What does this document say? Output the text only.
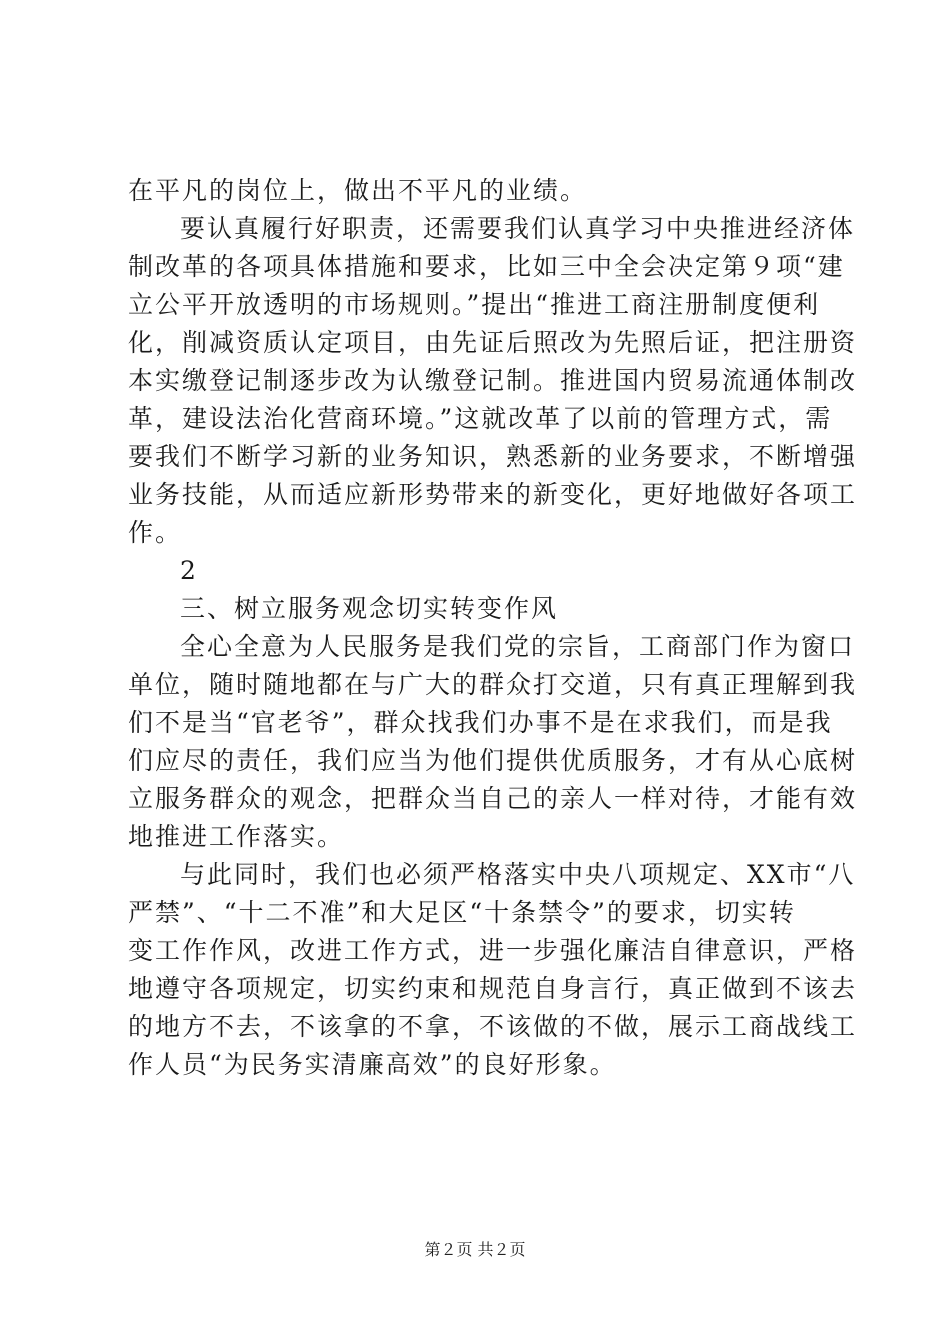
在平凡的岗位上，做出不平凡的业绩。
要认真履行好职责，还需要我们认真学习中央推进经济体
制改革的各项具体措施和要求，比如三中全会决定第９项“建
立公平开放透明的市场规则。”提出“推进工商注册制度便利
化，削减资质认定项目，由先证后照改为先照后证，把注册资
本实缴登记制逐步改为认缴登记制。推进国内贸易流通体制改
革，建设法治化营商环境。”这就改革了以前的管理方式，需
要我们不断学习新的业务知识，熟悉新的业务要求，不断增强
业务技能，从而适应新形势带来的新变化，更好地做好各项工
作。
2
三、树立服务观念切实转变作风
全心全意为人民服务是我们党的宗旨，工商部门作为窗口
单位，随时随地都在与广大的群众打交道，只有真正理解到我
们不是当“官老爷”，群众找我们办事不是在求我们，而是我
们应尽的责任，我们应当为他们提供优质服务，才有从心底树
立服务群众的观念，把群众当自己的亲人一样对待，才能有效
地推进工作落实。
与此同时，我们也必须严格落实中央八项规定、XX市“八
严禁”、“十二不准”和大足区“十条禁令”的要求，切实转
变工作作风，改进工作方式，进一步强化廉洁自律意识，严格
地遵守各项规定，切实约束和规范自身言行，真正做到不该去
的地方不去，不该拿的不拿，不该做的不做，展示工商战线工
作人员“为民务实清廉高效”的良好形象。
第２页 共２页
